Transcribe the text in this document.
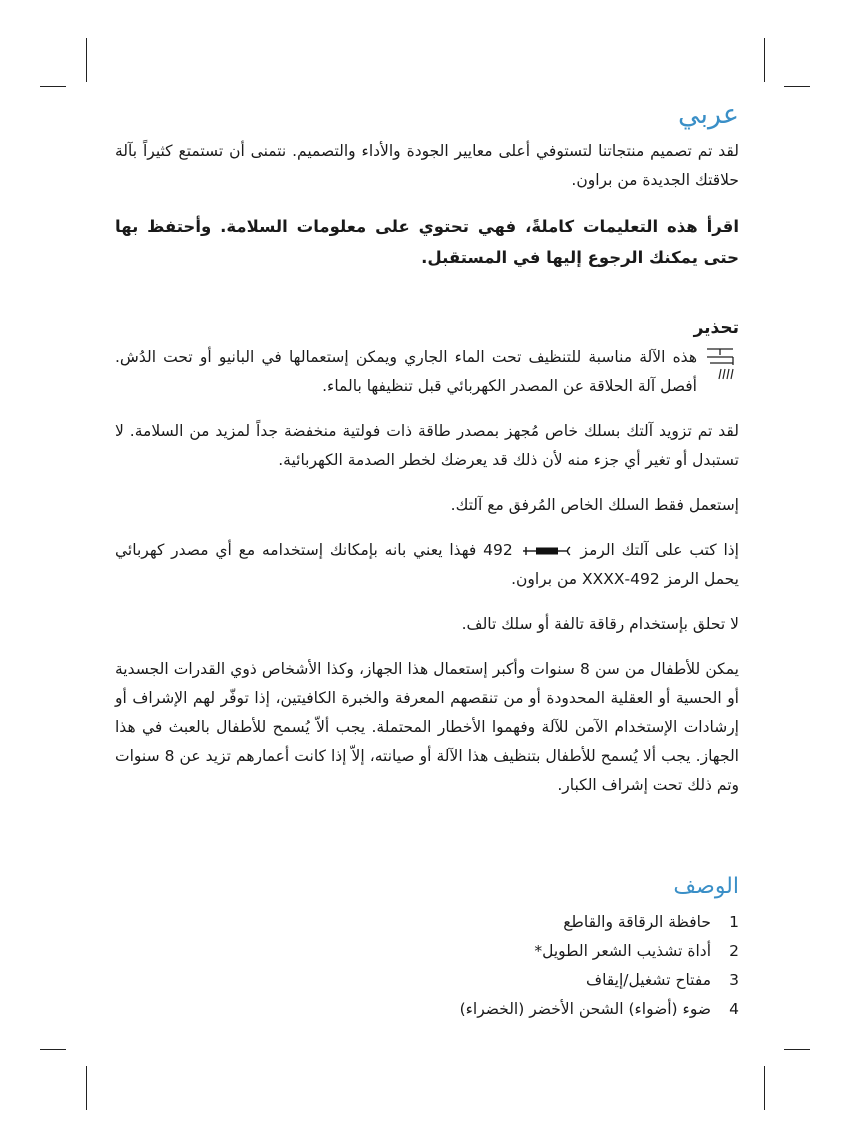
عربي

لقد تم تصميم منتجاتنا لتستوفي أعلى معايير الجودة والأداء والتصميم. نتمنى أن تستمتع كثيراً بآلة حلاقتك الجديدة من براون.

اقرأ هذه التعليمات كاملةً، فهي تحتوي على معلومات السلامة. وأحتفظ بها حتى يمكنك الرجوع إليها في المستقبل.

تحذير

هذه الآلة مناسبة للتنظيف تحت الماء الجاري ويمكن إستعمالها في البانيو أو تحت الدُش. أفصل آلة الحلاقة عن المصدر الكهربائي قبل تنظيفها بالماء.

لقد تم تزويد آلتك بسلك خاص مُجهز بمصدر طاقة ذات فولتية منخفضة جداً لمزيد من السلامة. لا تستبدل أو تغير أي جزء منه لأن ذلك قد يعرضك لخطر الصدمة الكهربائية.

إستعمل فقط السلك الخاص المُرفق مع آلتك.

إذا كتب على آلتك الرمز  492 فهذا يعني بانه بإمكانك إستخدامه مع أي مصدر كهربائي يحمل الرمز 492-XXXX من براون.

لا تحلق بإستخدام رقاقة تالفة أو سلك تالف.

يمكن للأطفال من سن 8 سنوات وأكبر إستعمال هذا الجهاز، وكذا الأشخاص ذوي القدرات الجسدية أو الحسية أو العقلية المحدودة أو من تنقصهم المعرفة والخبرة الكافيتين، إذا توفّر لهم الإشراف أو إرشادات الإستخدام الآمن للآلة وفهموا الأخطار المحتملة. يجب ألاّ يُسمح للأطفال بالعبث في هذا الجهاز. يجب ألا يُسمح للأطفال بتنظيف هذا الآلة أو صيانته، إلاّ إذا كانت أعمارهم تزيد عن 8 سنوات وتم ذلك تحت إشراف الكبار.

الوصف
1
حافظة الرقاقة والقاطع
2
أداة تشذيب الشعر الطويل*
3
مفتاح تشغيل/إيقاف
4
ضوء (أضواء) الشحن الأخضر (الخضراء)
